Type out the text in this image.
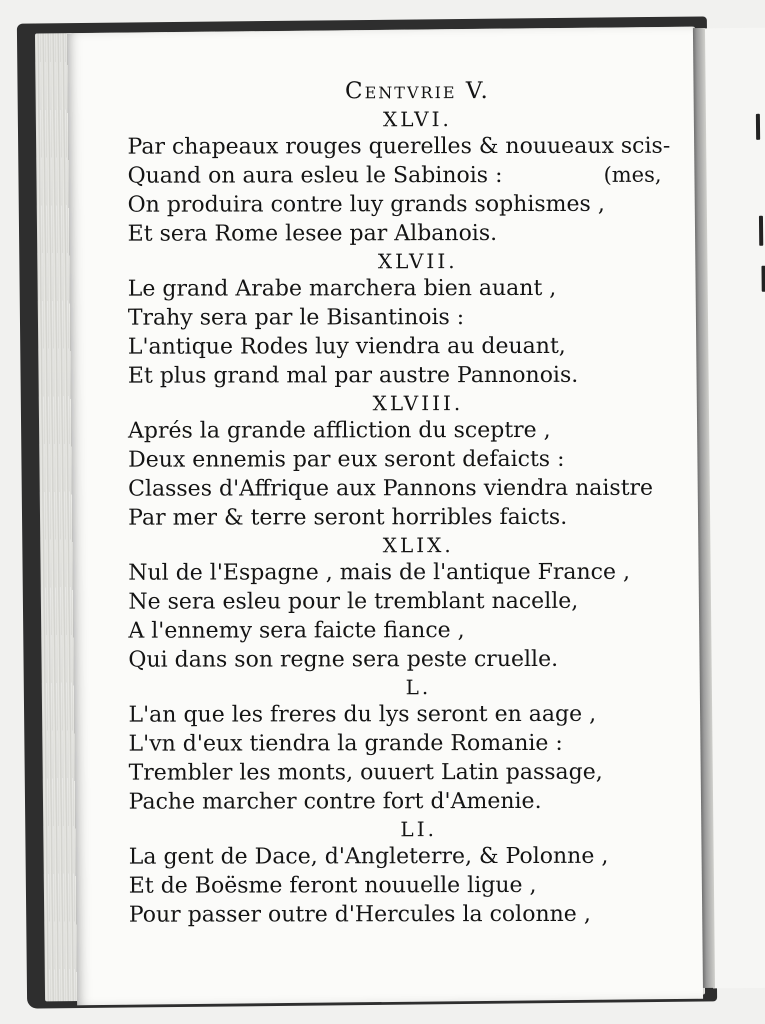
Centvrie V.
XLVI.
Par chapeaux rouges querelles & nouueaux scis-
Quand on aura esleu le Sabinois :	(mes,
On produira contre luy grands sophismes ,
Et sera Rome lesee par Albanois.
XLVII.
Le grand Arabe marchera bien auant ,
Trahy sera par le Bisantinois :
L'antique Rodes luy viendra au deuant,
Et plus grand mal par austre Pannonois.
XLVIII.
Aprés la grande affliction du sceptre ,
Deux ennemis par eux seront defaicts :
Classes d'Affrique aux Pannons viendra naistre
Par mer & terre seront horribles faicts.
XLIX.
Nul de l'Espagne , mais de l'antique France ,
Ne sera esleu pour le tremblant nacelle,
A l'ennemy sera faicte fiance ,
Qui dans son regne sera peste cruelle.
L.
L'an que les freres du lys seront en aage ,
L'vn d'eux tiendra la grande Romanie :
Trembler les monts, ouuert Latin passage,
Pache marcher contre fort d'Amenie.
LI.
La gent de Dace, d'Angleterre, & Polonne ,
Et de Boësme feront nouuelle ligue ,
Pour passer outre d'Hercules la colonne ,
